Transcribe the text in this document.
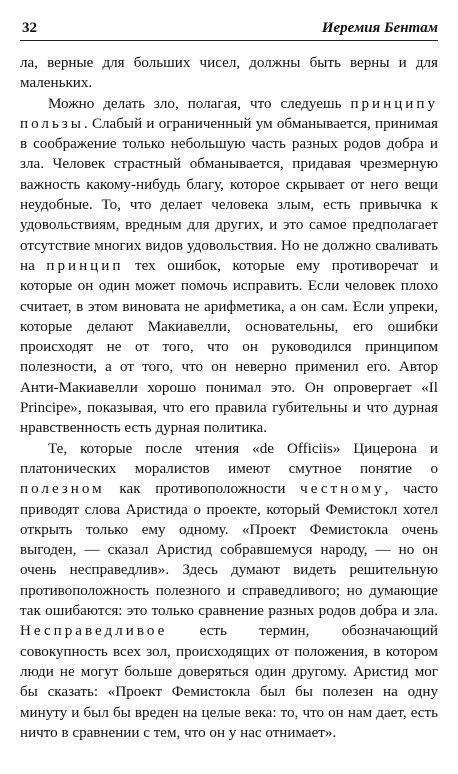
32	Иеремия Бентам

ла, верные для больших чисел, должны быть верны и для маленьких.

Можно делать зло, полагая, что следуешь принципу пользы. Слабый и ограниченный ум обманывается, принимая в соображение только небольшую часть разных родов добра и зла. Человек страстный обманывается, придавая чрезмерную важность какому-нибудь благу, которое скрывает от него вещи неудобные. То, что делает человека злым, есть привычка к удовольствиям, вредным для других, и это самое предполагает отсутствие многих видов удовольствия. Но не должно сваливать на принцип тех ошибок, которые ему противоречат и которые он один может помочь исправить. Если человек плохо считает, в этом виновата не арифметика, а он сам. Если упреки, которые делают Макиавелли, основательны, его ошибки происходят не от того, что он руководился принципом полезности, а от того, что он неверно применил его. Автор Анти-Макиавелли хорошо понимал это. Он опровергает «Il Principe», показывая, что его правила губительны и что дурная нравственность есть дурная политика.

Те, которые после чтения «de Officiis» Цицерона и платонических моралистов имеют смутное понятие о полезном как противоположности честному, часто приводят слова Аристида о проекте, который Фемистокл хотел открыть только ему одному. «Проект Фемистокла очень выгоден, — сказал Аристид собравшемуся народу, — но он очень несправедлив». Здесь думают видеть решительную противоположность полезного и справедливого; но думающие так ошибаются: это только сравнение разных родов добра и зла. Несправедливое есть термин, обозначающий совокупность всех зол, происходящих от положения, в котором люди не могут больше доверяться один другому. Аристид мог бы сказать: «Проект Фемистокла был бы полезен на одну минуту и был бы вреден на целые века: то, что он нам дает, есть ничто в сравнении с тем, что он у нас отнимает».
